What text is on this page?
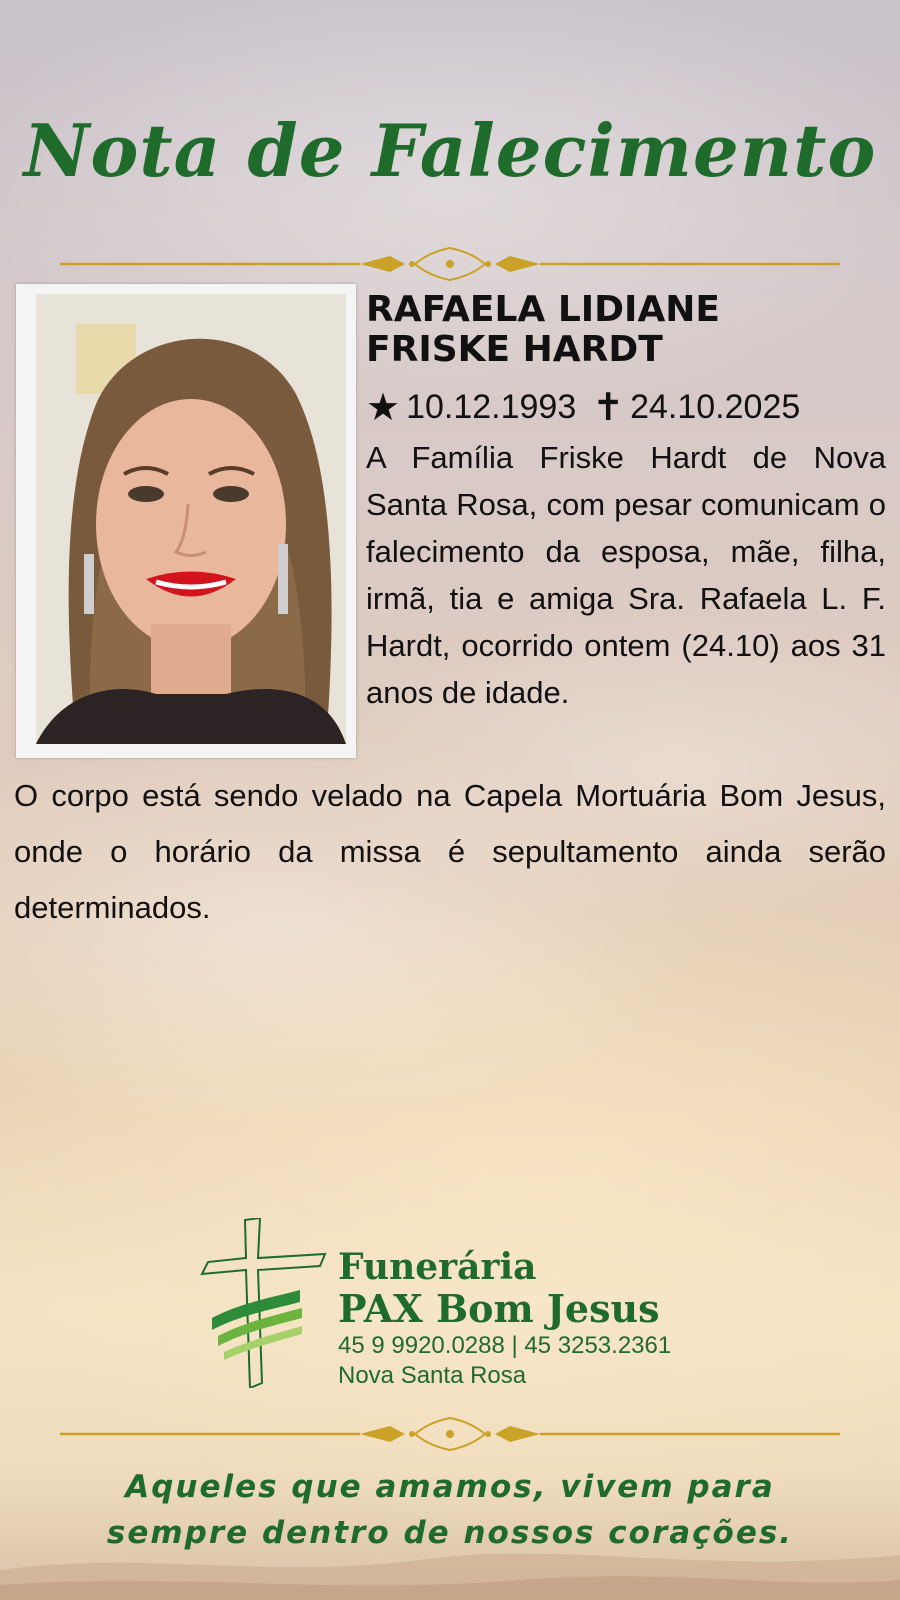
Nota de Falecimento
RAFAELA LIDIANE
FRISKE HARDT
★ 10.12.1993 ✝ 24.10.2025
A Família Friske Hardt de Nova Santa Rosa, com pesar comunicam o falecimento da esposa, mãe, filha, irmã, tia e amiga Sra. Rafaela L. F. Hardt, ocorrido ontem (24.10) aos 31 anos de idade.
O corpo está sendo velado na Capela Mortuária Bom Jesus, onde o horário da missa é sepultamento ainda serão determinados.
Funerária
PAX Bom Jesus
45 9 9920.0288 | 45 3253.2361
Nova Santa Rosa
Aqueles que amamos, vivem para
sempre dentro de nossos corações.
